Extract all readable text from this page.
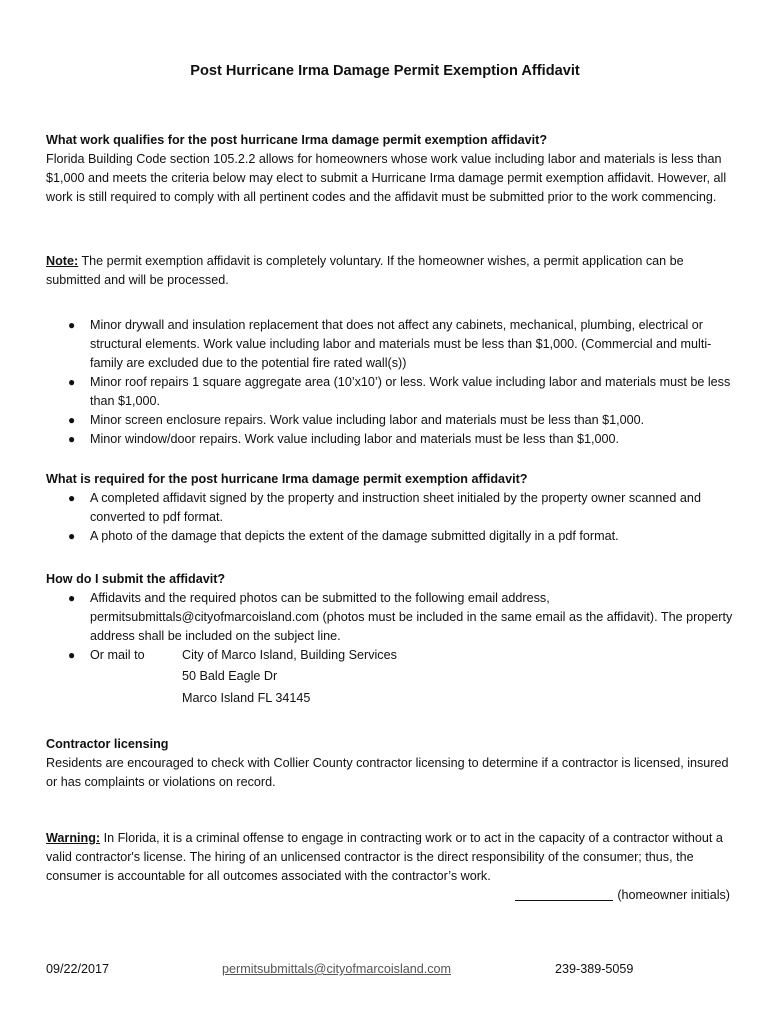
Post Hurricane Irma Damage Permit Exemption Affidavit

What work qualifies for the post hurricane Irma damage permit exemption affidavit?

Florida Building Code section 105.2.2 allows for homeowners whose work value including labor and materials is less than $1,000 and meets the criteria below may elect to submit a Hurricane Irma damage permit exemption affidavit. However, all work is still required to comply with all pertinent codes and the affidavit must be submitted prior to the work commencing.

Note: The permit exemption affidavit is completely voluntary. If the homeowner wishes, a permit application can be submitted and will be processed.

● Minor drywall and insulation replacement that does not affect any cabinets, mechanical, plumbing, electrical or structural elements. Work value including labor and materials must be less than $1,000. (Commercial and multi-family are excluded due to the potential fire rated wall(s))
● Minor roof repairs 1 square aggregate area (10’x10’) or less. Work value including labor and materials must be less than $1,000.
● Minor screen enclosure repairs. Work value including labor and materials must be less than $1,000.
● Minor window/door repairs. Work value including labor and materials must be less than $1,000.

What is required for the post hurricane Irma damage permit exemption affidavit?

● A completed affidavit signed by the property and instruction sheet initialed by the property owner scanned and converted to pdf format.
● A photo of the damage that depicts the extent of the damage submitted digitally in a pdf format.

How do I submit the affidavit?

● Affidavits and the required photos can be submitted to the following email address, permitsubmittals@cityofmarcoisland.com (photos must be included in the same email as the affidavit). The property address shall be included on the subject line.
● Or mail to	City of Marco Island, Building Services
50 Bald Eagle Dr
Marco Island FL 34145

Contractor licensing

Residents are encouraged to check with Collier County contractor licensing to determine if a contractor is licensed, insured or has complaints or violations on record.

Warning: In Florida, it is a criminal offense to engage in contracting work or to act in the capacity of a contractor without a valid contractor's license. The hiring of an unlicensed contractor is the direct responsibility of the consumer; thus, the consumer is accountable for all outcomes associated with the contractor’s work.

(homeowner initials)

09/22/2017	permitsubmittals@cityofmarcoisland.com	239-389-5059
